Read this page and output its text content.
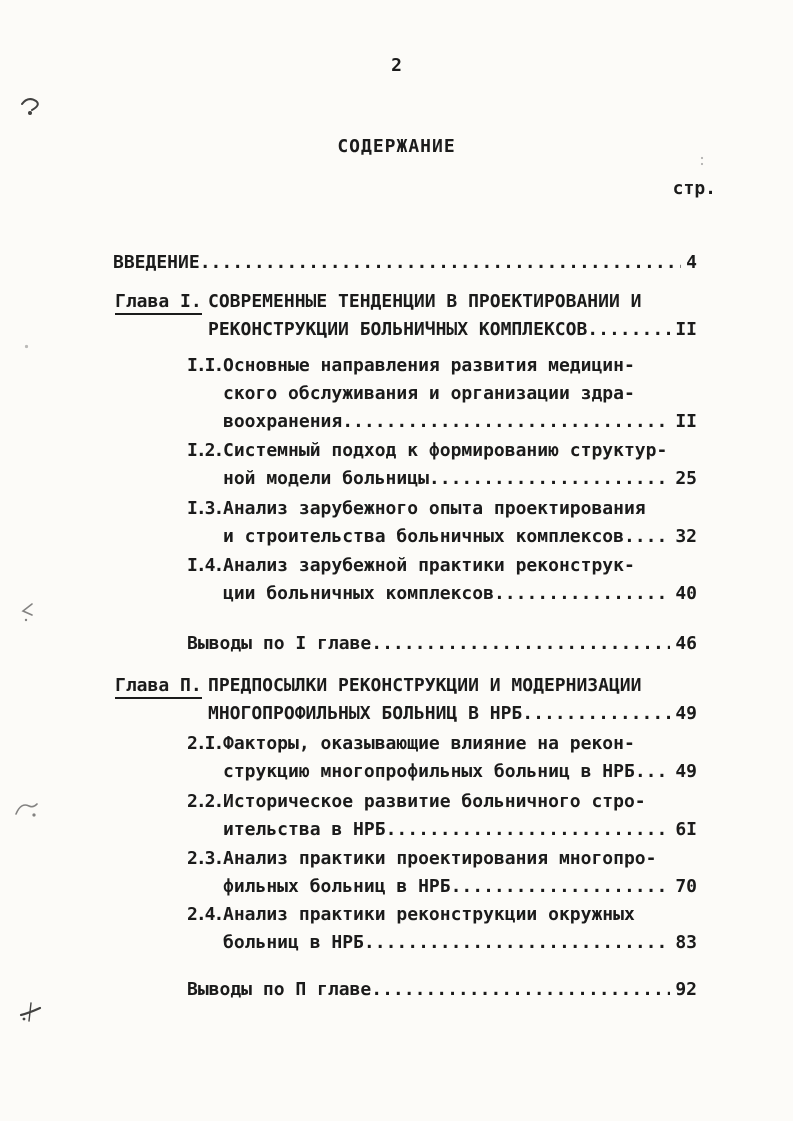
2
СОДЕРЖАНИЕ
стр.
ВВЕДЕНИЕ .....	4
Глава I. СОВРЕМЕННЫЕ ТЕНДЕНЦИИ В ПРОЕКТИРОВАНИИ И
РЕКОНСТРУКЦИИ БОЛЬНИЧНЫХ КОМПЛЕКСОВ .....	II
I.I. Основные направления развития медицин-
ского обслуживания и организации здра-
воохранения .....	II
I.2. Системный подход к формированию структур-
ной модели больницы .....	25
I.3. Анализ зарубежного опыта проектирования
и строительства больничных комплексов .....	32
I.4. Анализ зарубежной практики реконструк-
ции больничных комплексов .....	40
Выводы по I главе .....	46
Глава П. ПРЕДПОСЫЛКИ РЕКОНСТРУКЦИИ И МОДЕРНИЗАЦИИ
МНОГОПРОФИЛЬНЫХ БОЛЬНИЦ В НРБ .....	49
2.I. Факторы, оказывающие влияние на рекон-
струкцию многопрофильных больниц в НРБ ..... 49
2.2. Историческое развитие больничного стро-
ительства в НРБ .....	6I
2.3. Анализ практики проектирования многопро-
фильных больниц в НРБ .....	70
2.4. Анализ практики реконструкции окружных
больниц в НРБ .....	83
Выводы по П главе .....	92
